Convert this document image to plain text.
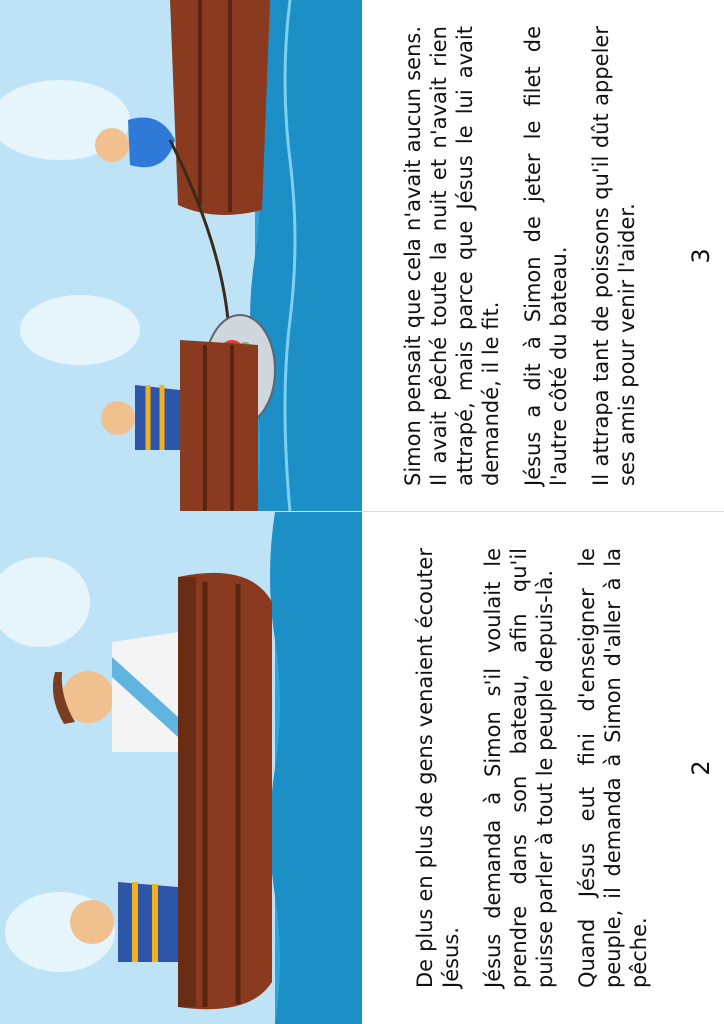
Simon pensait que cela n'avait aucun sens. Il avait pêché toute la nuit et n'avait rien attrapé, mais parce que Jésus le lui avait demandé, il le fit. Jésus a dit à Simon de jeter le filet de l'autre côté du bateau. Il attrapa tant de poissons qu'il dût appeler ses amis pour venir l'aider. 3

De plus en plus de gens venaient écouter Jésus. Jésus demanda à Simon s'il voulait le prendre dans son bateau, afin qu'il puisse parler à tout le peuple depuis-là. Quand Jésus eut fini d'enseigner le peuple, il demanda à Simon d'aller à la pêche.

2
